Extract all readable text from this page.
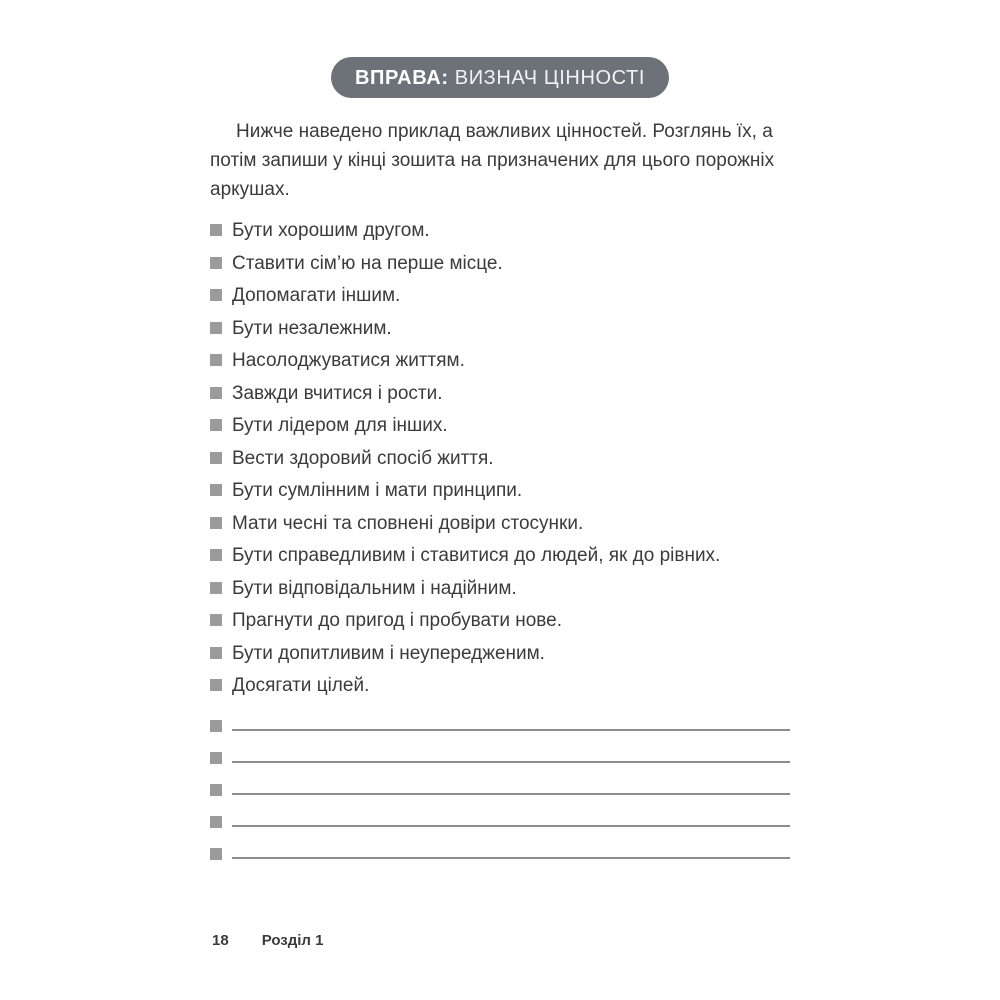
ВПРАВА: ВИЗНАЧ ЦІННОСТІ

Нижче наведено приклад важливих цінностей. Розглянь їх, а потім запиши у кінці зошита на призначених для цього порожніх аркушах.

Бути хорошим другом.
Ставити сім’ю на перше місце.
Допомагати іншим.
Бути незалежним.
Насолоджуватися життям.
Завжди вчитися і рости.
Бути лідером для інших.
Вести здоровий спосіб життя.
Бути сумлінним і мати принципи.
Мати чесні та сповнені довіри стосунки.
Бути справедливим і ставитися до людей, як до рівних.
Бути відповідальним і надійним.
Прагнути до пригод і пробувати нове.
Бути допитливим і неупередженим.
Досягати цілей.
18 Розділ 1
